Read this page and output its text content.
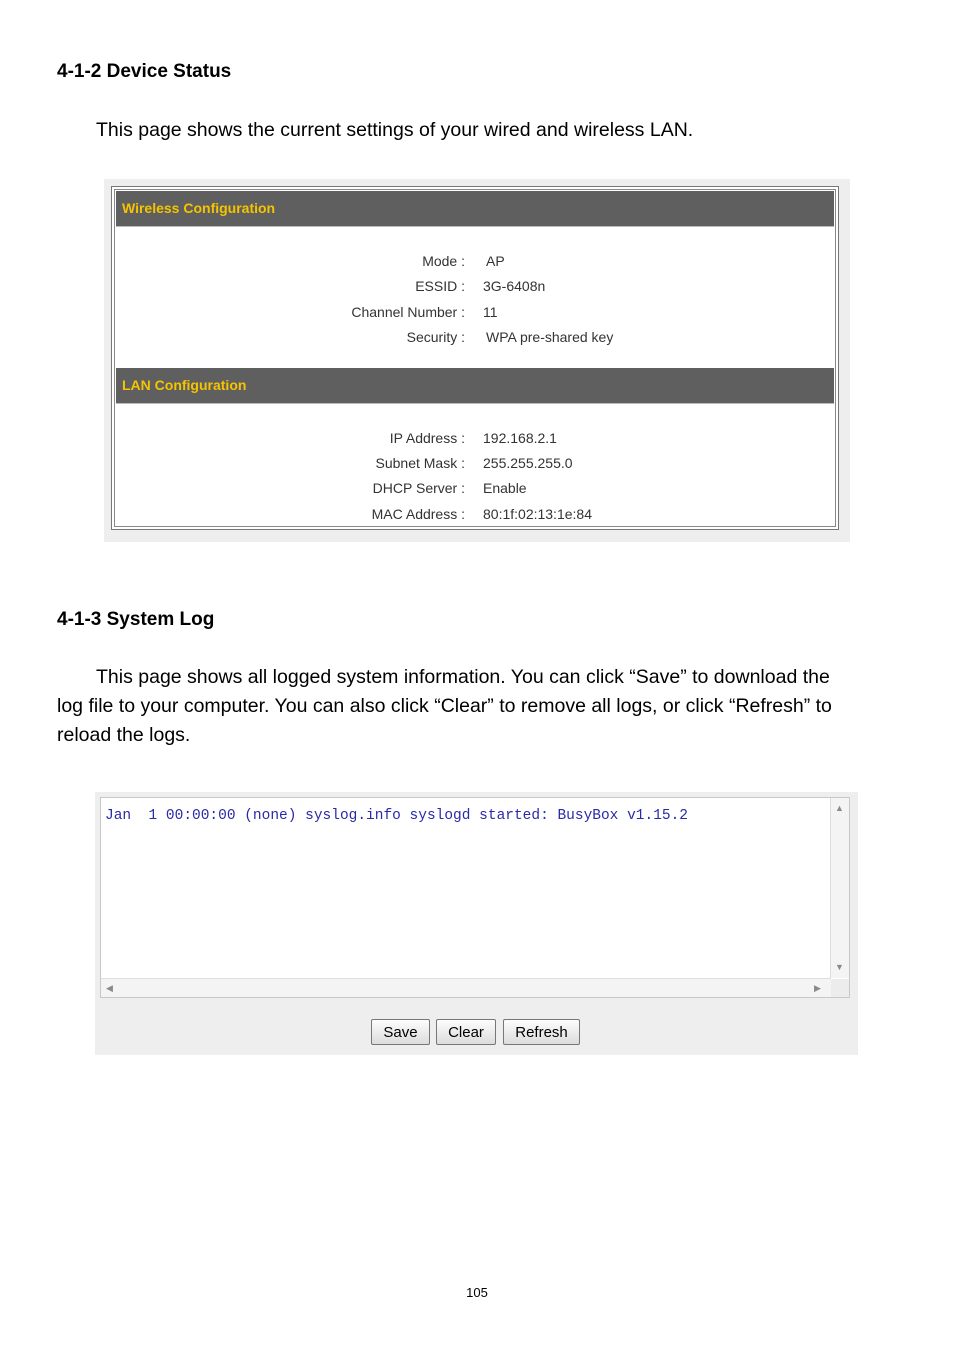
4-1-2 Device Status

This page shows the current settings of your wired and wireless LAN.

Wireless Configuration
Mode : AP
ESSID : 3G-6408n
Channel Number : 11
Security : WPA pre-shared key
LAN Configuration
IP Address : 192.168.2.1
Subnet Mask : 255.255.255.0
DHCP Server : Enable
MAC Address : 80:1f:02:13:1e:84
4-1-3 System Log

This page shows all logged system information. You can click “Save” to download the
log file to your computer. You can also click “Clear” to remove all logs, or click “Refresh” to
reload the logs.

Jan  1 00:00:00 (none) syslog.info syslogd started: BusyBox v1.15.2	▲
▼
◀	▶
Save	Clear	Refresh
105
